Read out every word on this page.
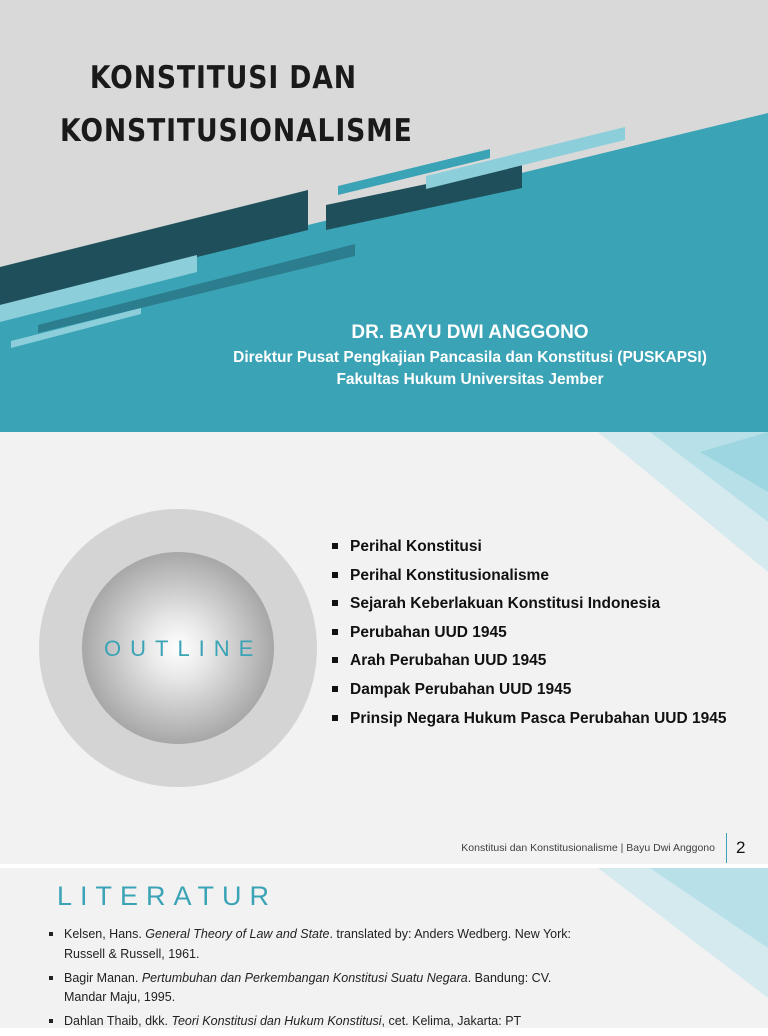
KONSTITUSI DAN
KONSTITUSIONALISME
DR. BAYU DWI ANGGONO
Direktur Pusat Pengkajian Pancasila dan Konstitusi (PUSKAPSI)
Fakultas Hukum Universitas Jember
OUTLINE
Perihal Konstitusi
Perihal Konstitusionalisme
Sejarah Keberlakuan Konstitusi Indonesia
Perubahan UUD 1945
Arah Perubahan UUD 1945
Dampak Perubahan UUD 1945
Prinsip Negara Hukum Pasca Perubahan UUD 1945
Konstitusi dan Konstitusionalisme | Bayu Dwi Anggono 2
LITERATUR
Kelsen, Hans. General Theory of Law and State. translated by: Anders Wedberg. New York: Russell & Russell, 1961.
Bagir Manan. Pertumbuhan dan Perkembangan Konstitusi Suatu Negara. Bandung: CV. Mandar Maju, 1995.
Dahlan Thaib, dkk. Teori Konstitusi dan Hukum Konstitusi, cet. Kelima, Jakarta: PT
